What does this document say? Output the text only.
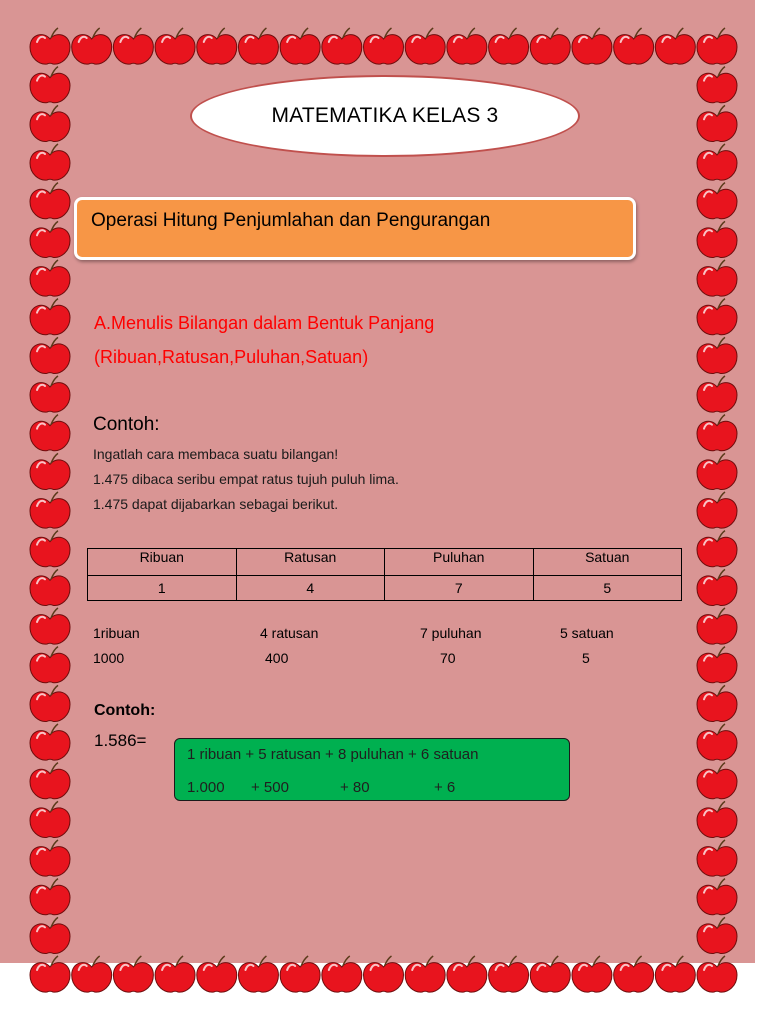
MATEMATIKA KELAS 3
Operasi Hitung Penjumlahan dan Pengurangan
A.Menulis Bilangan dalam Bentuk Panjang
(Ribuan,Ratusan,Puluhan,Satuan)
Contoh:
Ingatlah cara membaca suatu bilangan!
1.475 dibaca seribu empat ratus tujuh puluh lima.
1.475 dapat dijabarkan sebagai berikut.
Ribuan	Ratusan	Puluhan	Satuan
1	4	7	5
1ribuan	4 ratusan	7 puluhan	5 satuan
1000	400	70	5
Contoh:
1.586=
1 ribuan + 5 ratusan + 8 puluhan + 6 satuan
1.000 + 500	+ 80	+ 6
